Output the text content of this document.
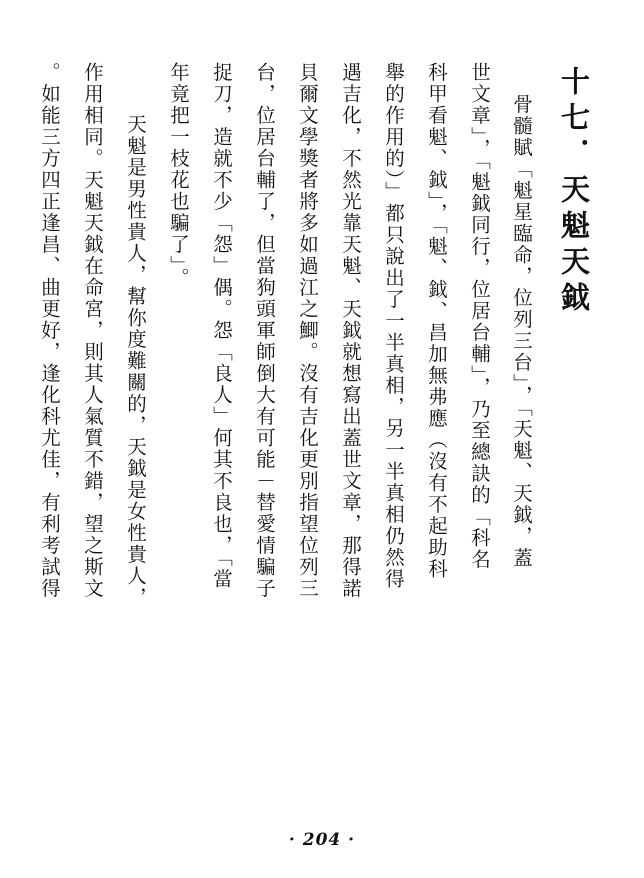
十七．天魁天鉞
骨髓賦「魁星臨命，位列三台」，「天魁、天鉞，蓋
世文章」，「魁鉞同行，位居台輔」，乃至總訣的「科名
科甲看魁、鉞」，「魁、鉞、昌加無弗應（沒有不起助科
舉的作用的）」都只說出了一半真相，另一半真相仍然得
遇吉化，不然光靠天魁、天鉞就想寫出蓋世文章，那得諾
貝爾文學獎者將多如過江之鯽。沒有吉化更別指望位列三
台，位居台輔了，但當狗頭軍師倒大有可能－替愛情騙子
捉刀，造就不少「怨」偶。怨「良人」何其不良也，「當
年竟把一枝花也騙了」。
天魁是男性貴人，幫你度難關的，天鉞是女性貴人，
作用相同。天魁天鉞在命宮，則其人氣質不錯，望之斯文
。如能三方四正逢昌、曲更好，逢化科尤佳，有利考試得
· 204 ·
